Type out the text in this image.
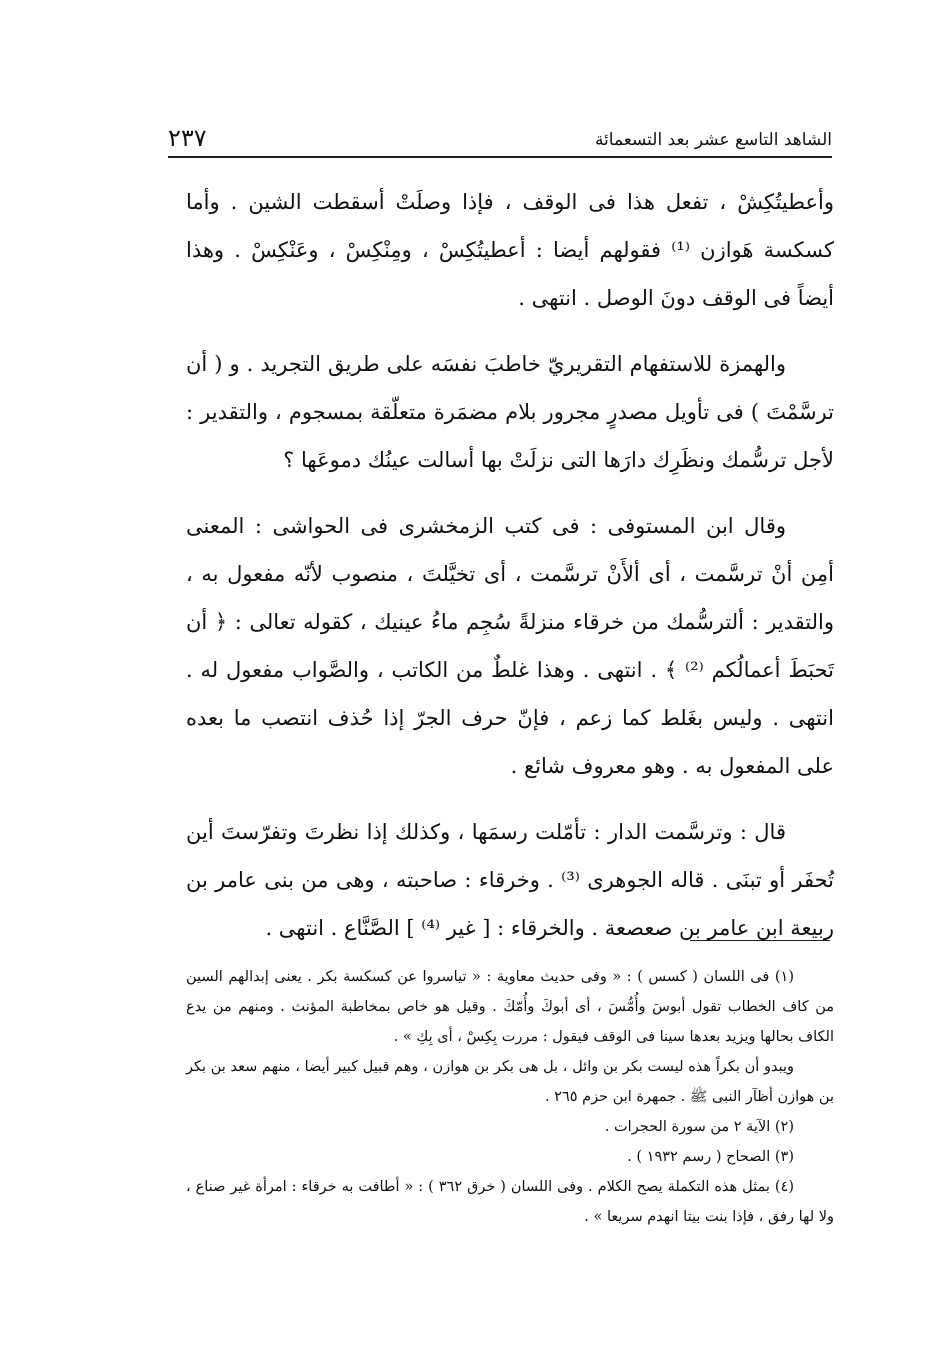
الشاهد التاسع عشر بعد التسعمائة
٢٣٧

وأعطيتُكِشْ ، تفعل هذا فى الوقف ، فإذا وصلَتْ أسقطت الشين . وأما كسكسة هَوازن ⁽¹⁾ فقولهم أيضا : أعطيتُكِسْ ، ومِنْكِسْ ، وعَنْكِسْ . وهذا أيضاً فى الوقف دونَ الوصل . انتهى .

والهمزة للاستفهام التقريريّ خاطبَ نفسَه على طريق التجريد . و ( أن ترسَّمْتَ ) فى تأويل مصدرٍ مجرور بلام مضمَرة متعلّقة بمسجوم ، والتقدير : لأجل ترسُّمك ونظَرِك دارَها التى نزلَتْ بها أسالت عينُك دموعَها ؟

وقال ابن المستوفى : فى كتب الزمخشرى فى الحواشى : المعنى أمِن أنْ ترسَّمت ، أى ألأَنْ ترسَّمت ، أى تخيَّلتَ ، منصوب لأنّه مفعول به ، والتقدير : ألترسُّمك من خرقاء منزلةً سُجِم ماءُ عينيك ، كقوله تعالى : ﴿ أن تَحبَطَ أعمالُكم ⁽²⁾ ﴾ . انتهى . وهذا غلطٌ من الكاتب ، والصَّواب مفعول له . انتهى . وليس بغَلط كما زعم ، فإنّ حرف الجرّ إذا حُذف انتصب ما بعده على المفعول به . وهو معروف شائع .

قال : وترسَّمت الدار : تأمّلت رسمَها ، وكذلك إذا نظرتَ وتفرّستَ أين تُحفَر أو تبنَى . قاله الجوهرى ⁽³⁾ . وخرقاء : صاحبته ، وهى من بنى عامر بن ربيعة ابن عامر بن صعصعة . والخرقاء : [ غير ⁽⁴⁾ ] الصَّنَّاع . انتهى .

(١) فى اللسان ( كسس ) : « وفى حديث معاوية : « تياسروا عن كسكسة بكر . يعنى إبدالهم السين من كاف الخطاب تقول أبوسَ وأُمُّسَ ، أى أبوكَ وأُمّكَ . وقيل هو خاص بمخاطبة المؤنث . ومنهم من يدع الكاف بحالها ويزيد بعدها سينا فى الوقف فيقول : مررت بِكِسْ ، أى بِكِ » .

ويبدو أن بكراً هذه ليست بكر بن وائل ، بل هى بكر بن هوازن ، وهم قبيل كبير أيضا ، منهم سعد بن بكر بن هوازن أظآر النبى ﷺ . جمهرة ابن حزم ٢٦٥ .

(٢) الآية ٢ من سورة الحجرات .

(٣) الصحاح ( رسم ١٩٣٢ ) .

(٤) بمثل هذه التكملة يصح الكلام . وفى اللسان ( خرق ٣٦٢ ) : « أطافت به خرقاء : امرأة غير صناع ، ولا لها رفق ، فإذا بنت بيتا انهدم سريعا » .
